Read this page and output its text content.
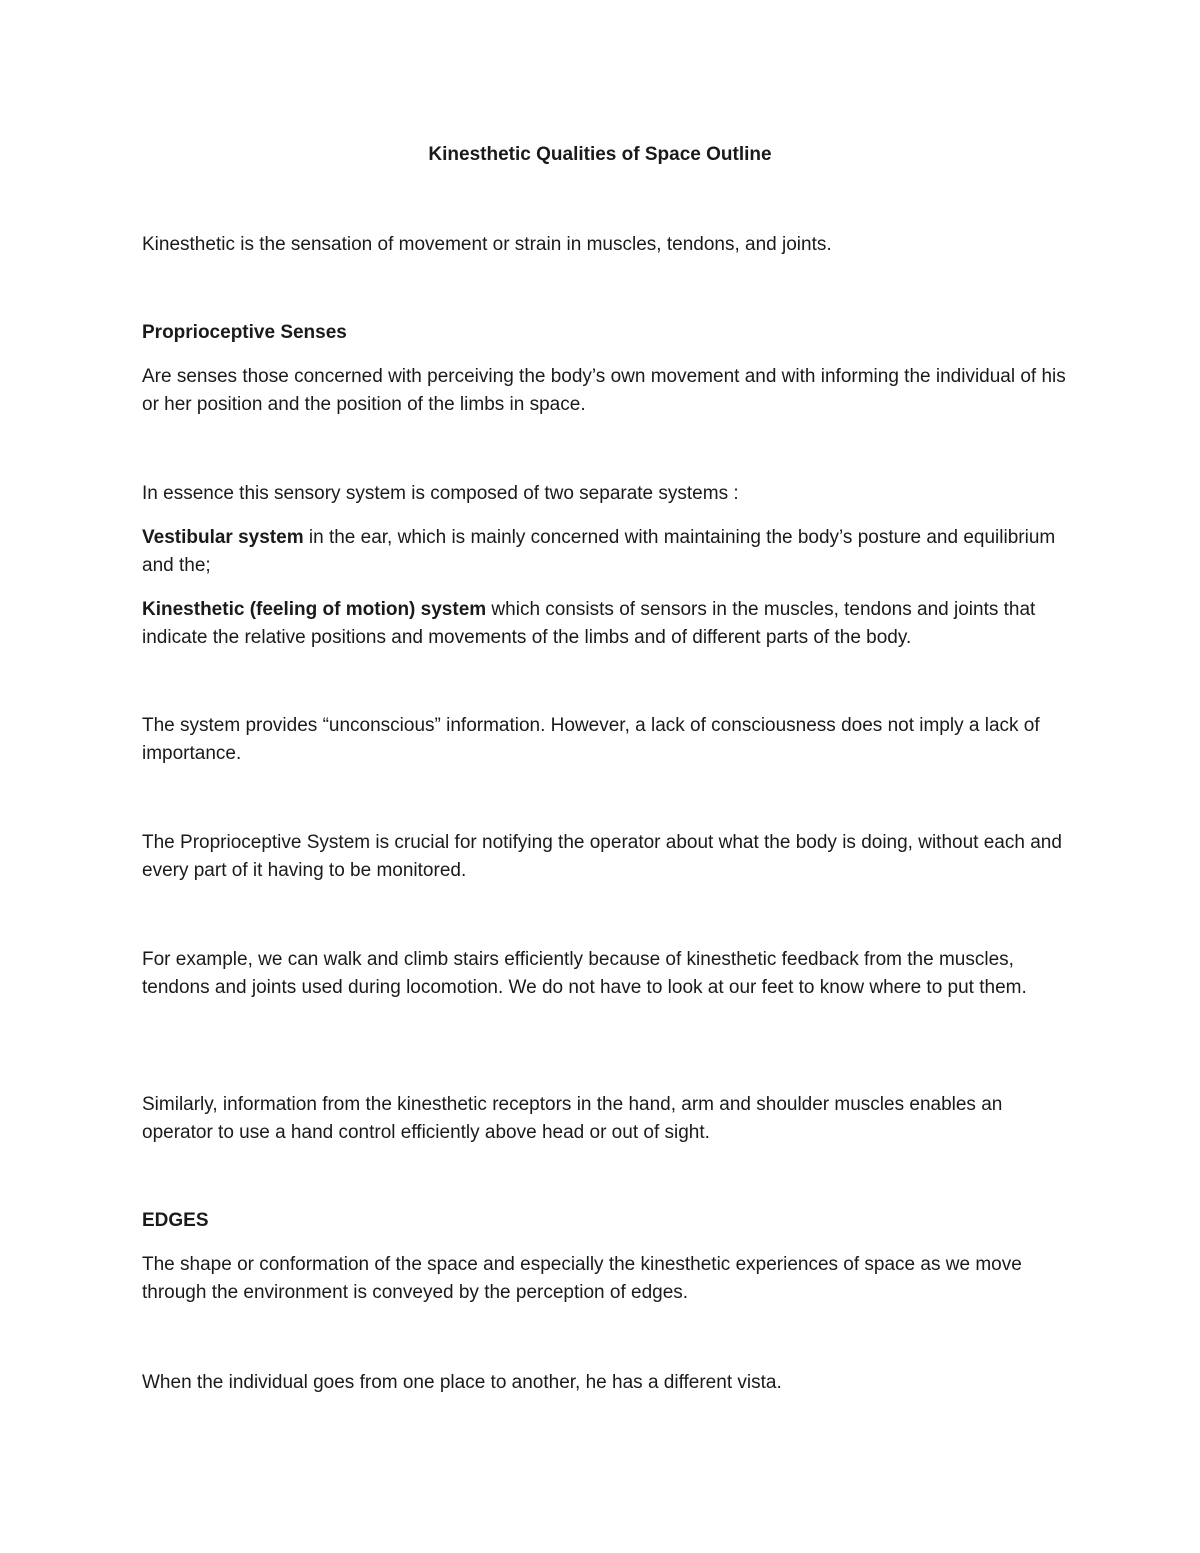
Kinesthetic Qualities of Space Outline

Kinesthetic is the sensation of movement or strain in muscles, tendons, and joints.

Proprioceptive Senses

Are senses those concerned with perceiving the body’s own movement and with informing the individual of his or her position and the position of the limbs in space.

In essence this sensory system is composed of two separate systems :

Vestibular system in the ear, which is mainly concerned with maintaining the body’s posture and equilibrium and the;

Kinesthetic (feeling of motion) system which consists of sensors in the muscles, tendons and joints that indicate the relative positions and movements of the limbs and of different parts of the body.

The system provides “unconscious” information. However, a lack of consciousness does not imply a lack of importance.

The Proprioceptive System is crucial for notifying the operator about what the body is doing, without each and every part of it having to be monitored.

For example, we can walk and climb stairs efficiently because of kinesthetic feedback from the muscles, tendons and joints used during locomotion. We do not have to look at our feet to know where to put them.

Similarly, information from the kinesthetic receptors in the hand, arm and shoulder muscles enables an operator to use a hand control efficiently above head or out of sight.

EDGES

The shape or conformation of the space and especially the kinesthetic experiences of space as we move through the environment is conveyed by the perception of edges.

When the individual goes from one place to another, he has a different vista.
